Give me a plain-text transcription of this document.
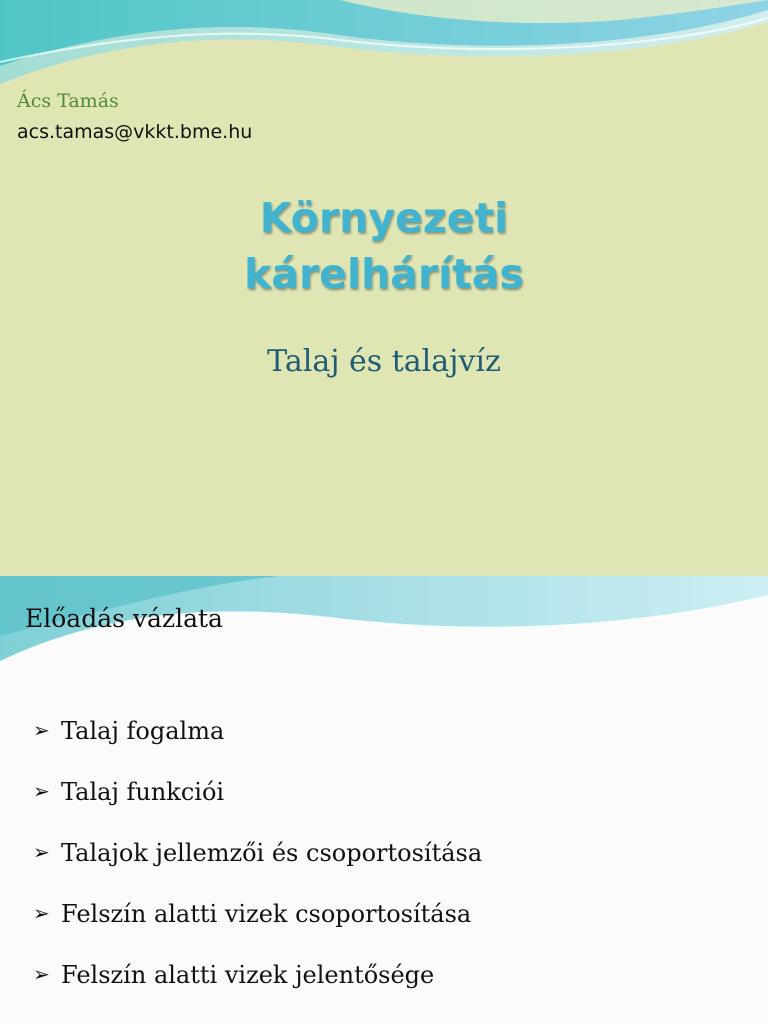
Ács Tamás
acs.tamas@vkkt.bme.hu
Környezeti
kárelhárítás
Talaj és talajvíz
Előadás vázlata
➢ Talaj fogalma
➢ Talaj funkciói
➢ Talajok jellemzői és csoportosítása
➢ Felszín alatti vizek csoportosítása
➢ Felszín alatti vizek jelentősége
